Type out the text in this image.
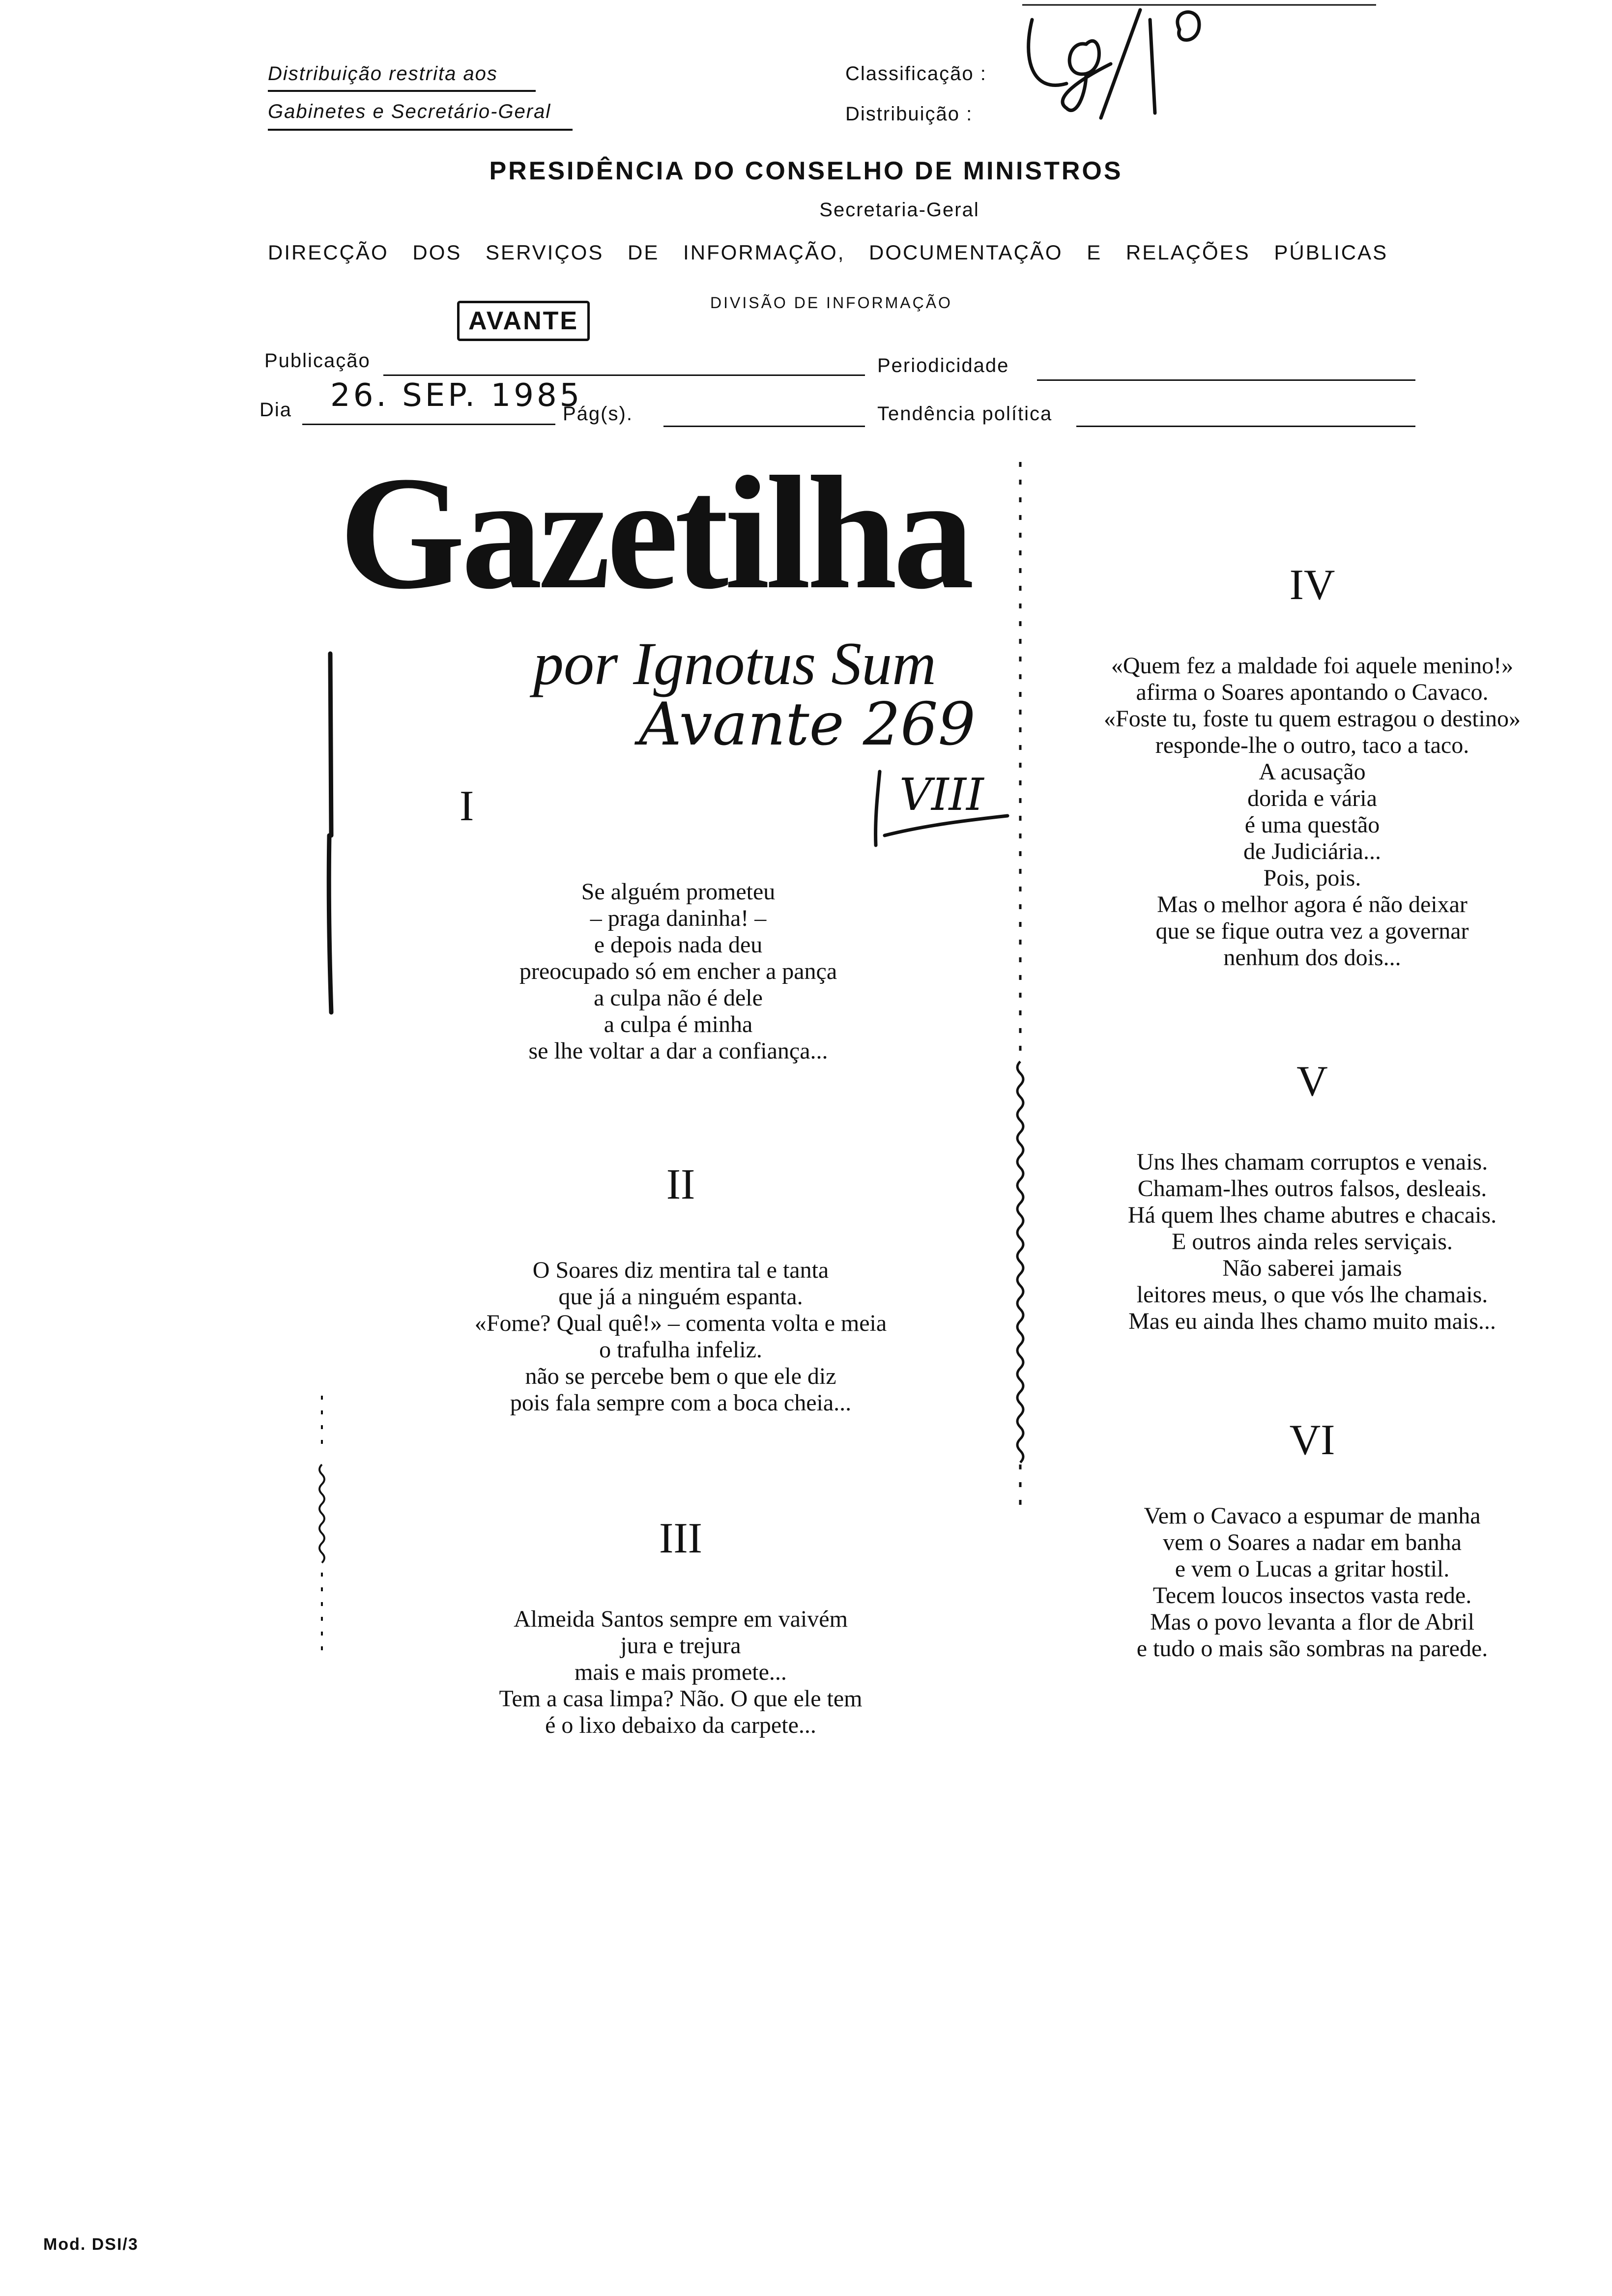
Distribuição restrita aos
Gabinetes e Secretário-Geral
Classificação :
Distribuição :
PRESIDÊNCIA DO CONSELHO DE MINISTROS
Secretaria-Geral
DIRECÇÃO DOS SERVIÇOS DE INFORMAÇÃO, DOCUMENTAÇÃO E RELAÇÕES PÚBLICAS
DIVISÃO DE INFORMAÇÃO
AVANTE
Publicação	Periodicidade
Dia 26. SEP. 1985
Pág(s).	Tendência política
Gazetilha
por Ignotus Sum
Avante 269
VIII
I
Se alguém prometeu
– praga daninha! –
e depois nada deu
preocupado só em encher a pança
a culpa não é dele
a culpa é minha
se lhe voltar a dar a confiança...
II
O Soares diz mentira tal e tanta
que já a ninguém espanta.
«Fome? Qual quê!» – comenta volta e meia
o trafulha infeliz.
não se percebe bem o que ele diz
pois fala sempre com a boca cheia...
III
Almeida Santos sempre em vaivém
jura e trejura
mais e mais promete...
Tem a casa limpa? Não. O que ele tem
é o lixo debaixo da carpete...
IV
«Quem fez a maldade foi aquele menino!»
afirma o Soares apontando o Cavaco.
«Foste tu, foste tu quem estragou o destino»
responde-lhe o outro, taco a taco.
A acusação
dorida e vária
é uma questão
de Judiciária...
Pois, pois.
Mas o melhor agora é não deixar
que se fique outra vez a governar
nenhum dos dois...
V
Uns lhes chamam corruptos e venais.
Chamam-lhes outros falsos, desleais.
Há quem lhes chame abutres e chacais.
E outros ainda reles serviçais.
Não saberei jamais
leitores meus, o que vós lhe chamais.
Mas eu ainda lhes chamo muito mais...
VI
Vem o Cavaco a espumar de manha
vem o Soares a nadar em banha
e vem o Lucas a gritar hostil.
Tecem loucos insectos vasta rede.
Mas o povo levanta a flor de Abril
e tudo o mais são sombras na parede.
Mod. DSI/3
